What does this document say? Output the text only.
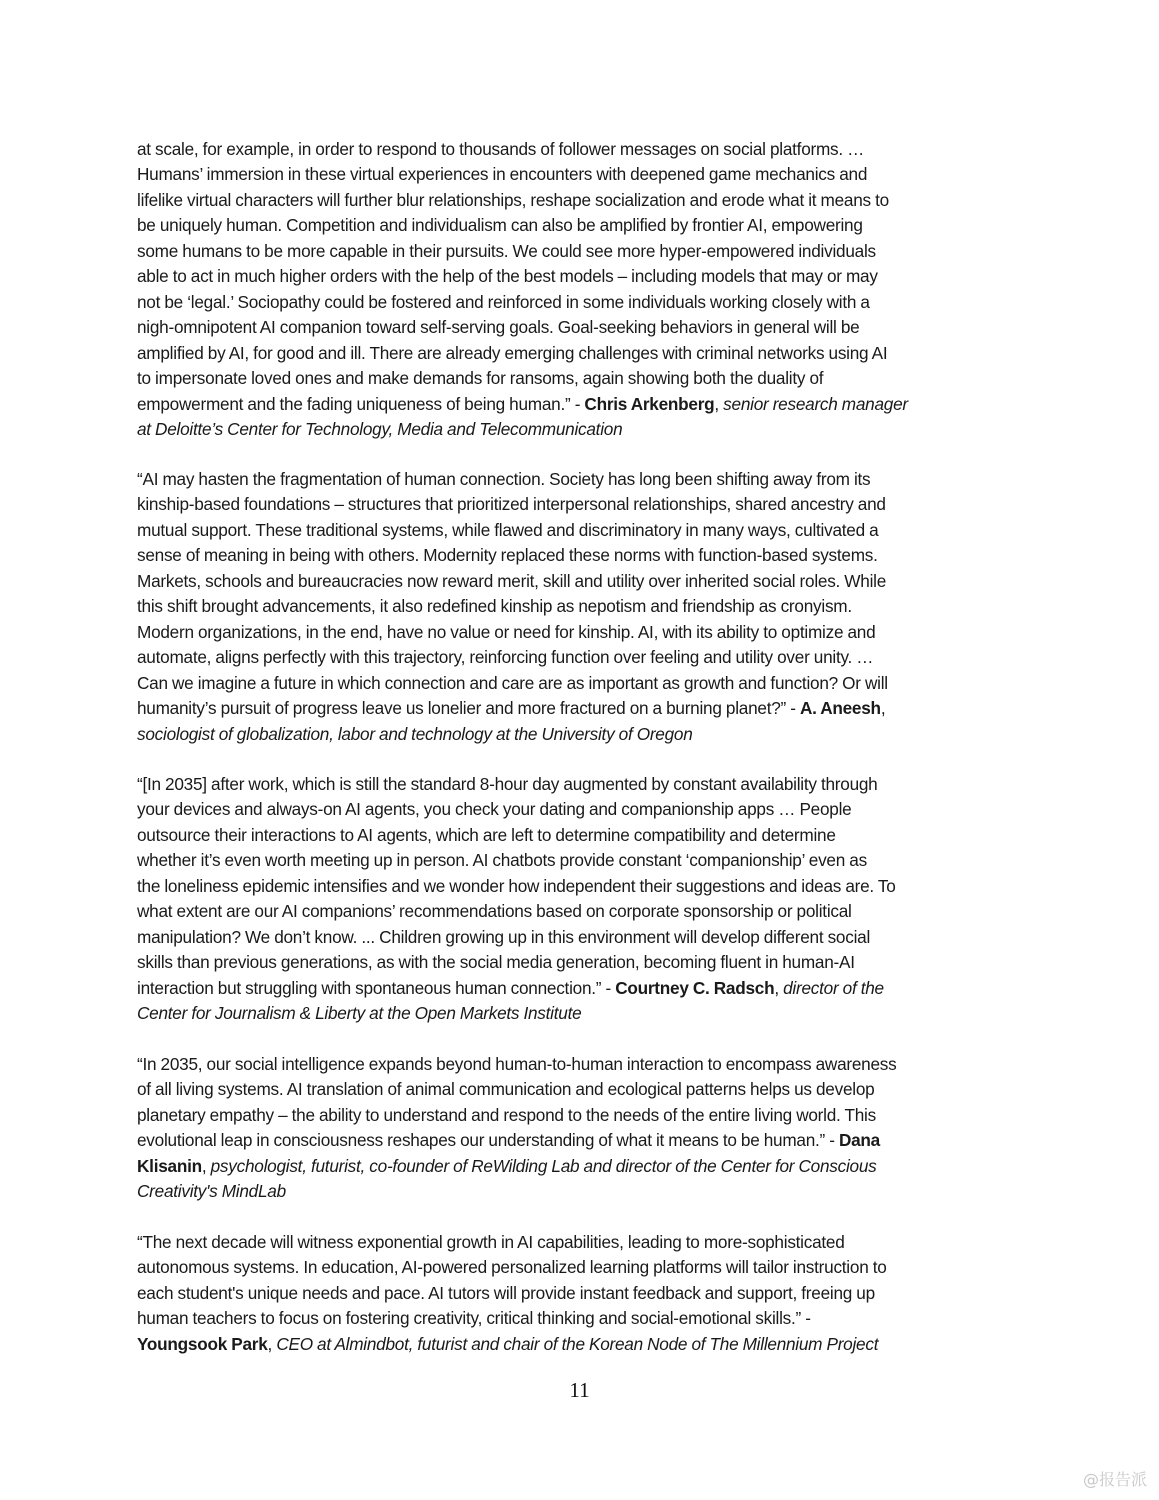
at scale, for example, in order to respond to thousands of follower messages on social platforms. …
Humans’ immersion in these virtual experiences in encounters with deepened game mechanics and
lifelike virtual characters will further blur relationships, reshape socialization and erode what it means to
be uniquely human. Competition and individualism can also be amplified by frontier AI, empowering
some humans to be more capable in their pursuits. We could see more hyper-empowered individuals
able to act in much higher orders with the help of the best models – including models that may or may
not be ‘legal.’ Sociopathy could be fostered and reinforced in some individuals working closely with a
nigh-omnipotent AI companion toward self-serving goals. Goal-seeking behaviors in general will be
amplified by AI, for good and ill. There are already emerging challenges with criminal networks using AI
to impersonate loved ones and make demands for ransoms, again showing both the duality of
empowerment and the fading uniqueness of being human.” - Chris Arkenberg, senior research manager
at Deloitte’s Center for Technology, Media and Telecommunication
“AI may hasten the fragmentation of human connection. Society has long been shifting away from its
kinship-based foundations – structures that prioritized interpersonal relationships, shared ancestry and
mutual support. These traditional systems, while flawed and discriminatory in many ways, cultivated a
sense of meaning in being with others. Modernity replaced these norms with function-based systems.
Markets, schools and bureaucracies now reward merit, skill and utility over inherited social roles. While
this shift brought advancements, it also redefined kinship as nepotism and friendship as cronyism.
Modern organizations, in the end, have no value or need for kinship. AI, with its ability to optimize and
automate, aligns perfectly with this trajectory, reinforcing function over feeling and utility over unity. …
Can we imagine a future in which connection and care are as important as growth and function? Or will
humanity’s pursuit of progress leave us lonelier and more fractured on a burning planet?” - A. Aneesh,
sociologist of globalization, labor and technology at the University of Oregon
“[In 2035] after work, which is still the standard 8-hour day augmented by constant availability through
your devices and always-on AI agents, you check your dating and companionship apps … People
outsource their interactions to AI agents, which are left to determine compatibility and determine
whether it’s even worth meeting up in person. AI chatbots provide constant ‘companionship’ even as
the loneliness epidemic intensifies and we wonder how independent their suggestions and ideas are. To
what extent are our AI companions’ recommendations based on corporate sponsorship or political
manipulation? We don’t know. ... Children growing up in this environment will develop different social
skills than previous generations, as with the social media generation, becoming fluent in human-AI
interaction but struggling with spontaneous human connection.” - Courtney C. Radsch, director of the
Center for Journalism & Liberty at the Open Markets Institute
“In 2035, our social intelligence expands beyond human-to-human interaction to encompass awareness
of all living systems. AI translation of animal communication and ecological patterns helps us develop
planetary empathy – the ability to understand and respond to the needs of the entire living world. This
evolutional leap in consciousness reshapes our understanding of what it means to be human.” - Dana
Klisanin, psychologist, futurist, co-founder of ReWilding Lab and director of the Center for Conscious
Creativity's MindLab
“The next decade will witness exponential growth in AI capabilities, leading to more-sophisticated
autonomous systems. In education, AI-powered personalized learning platforms will tailor instruction to
each student's unique needs and pace. AI tutors will provide instant feedback and support, freeing up
human teachers to focus on fostering creativity, critical thinking and social-emotional skills.” -
Youngsook Park, CEO at Almindbot, futurist and chair of the Korean Node of The Millennium Project
11
@报告派
